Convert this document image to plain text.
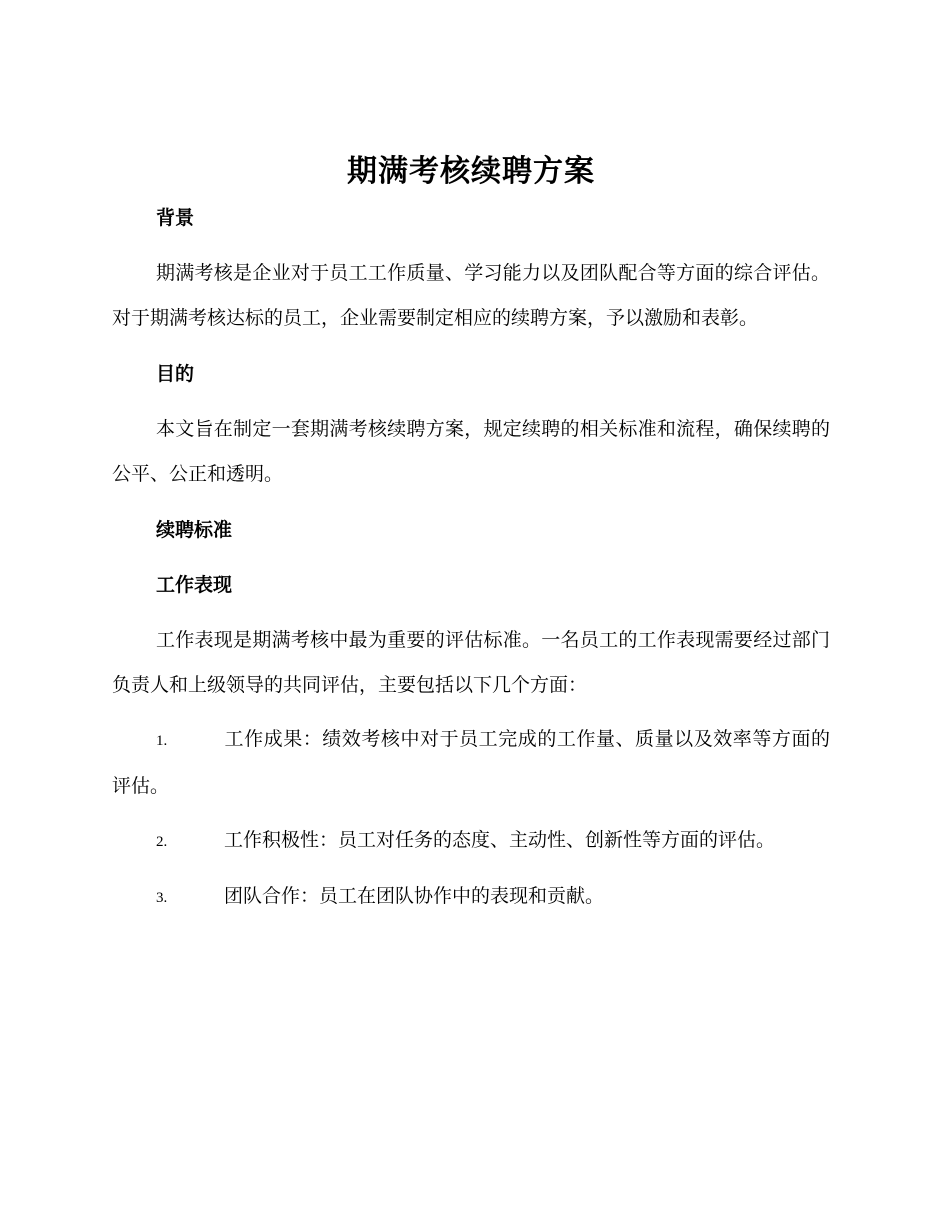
期满考核续聘方案
背景

期满考核是企业对于员工工作质量、学习能力以及团队配合等方面的综合评估。对于期满考核达标的员工，企业需要制定相应的续聘方案，予以激励和表彰。

目的

本文旨在制定一套期满考核续聘方案，规定续聘的相关标准和流程，确保续聘的公平、公正和透明。

续聘标准
工作表现

工作表现是期满考核中最为重要的评估标准。一名员工的工作表现需要经过部门负责人和上级领导的共同评估，主要包括以下几个方面：

1.	工作成果：绩效考核中对于员工完成的工作量、质量以及效率等方面的评估。

2.	工作积极性：员工对任务的态度、主动性、创新性等方面的评估。

3.	团队合作：员工在团队协作中的表现和贡献。
